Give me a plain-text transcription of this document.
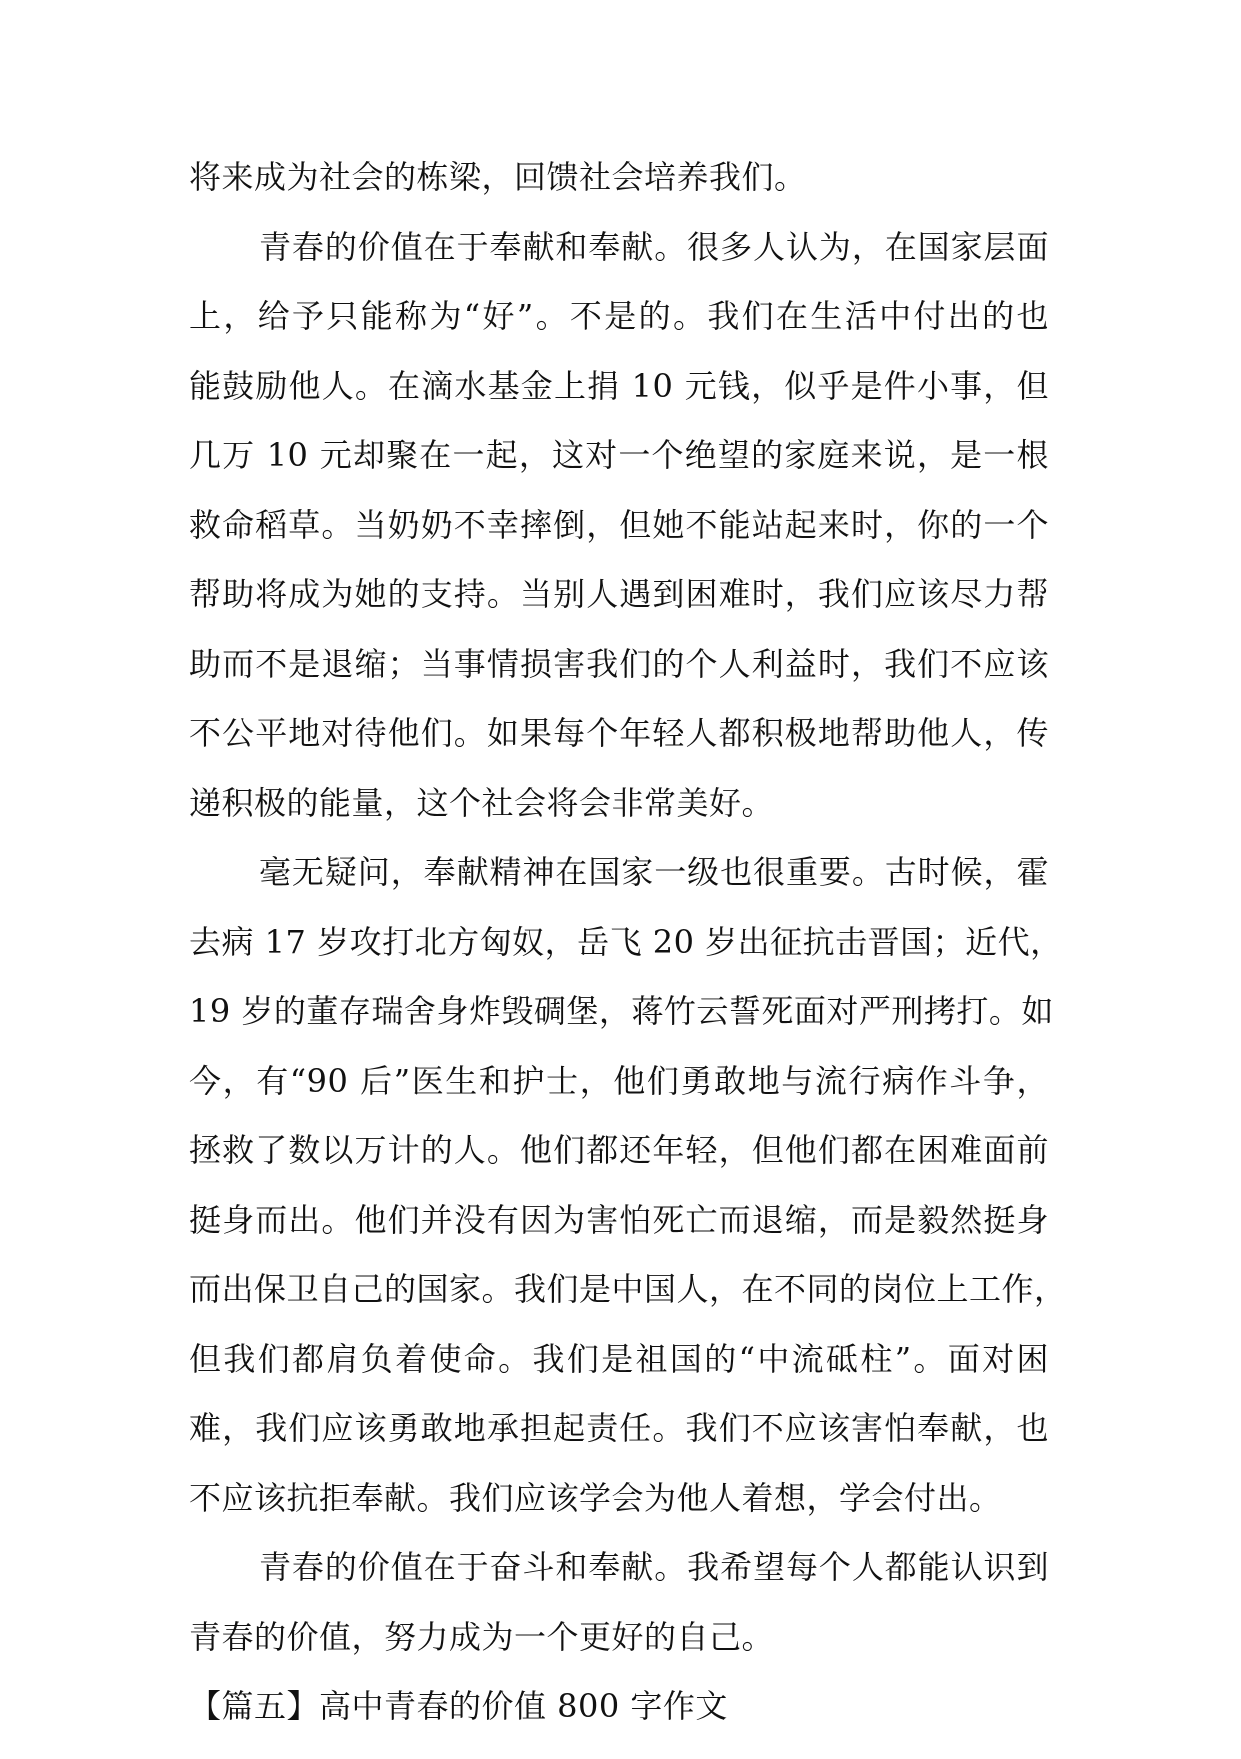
将来成为社会的栋梁，回馈社会培养我们。
青春的价值在于奉献和奉献。很多人认为，在国家层面
上，给予只能称为“好”。不是的。我们在生活中付出的也
能鼓励他人。在滴水基金上捐 10 元钱，似乎是件小事，但
几万 10 元却聚在一起，这对一个绝望的家庭来说，是一根
救命稻草。当奶奶不幸摔倒，但她不能站起来时，你的一个
帮助将成为她的支持。当别人遇到困难时，我们应该尽力帮
助而不是退缩；当事情损害我们的个人利益时，我们不应该
不公平地对待他们。如果每个年轻人都积极地帮助他人，传
递积极的能量，这个社会将会非常美好。
毫无疑问，奉献精神在国家一级也很重要。古时候，霍
去病 17 岁攻打北方匈奴，岳飞 20 岁出征抗击晋国；近代，
19 岁的董存瑞舍身炸毁碉堡，蒋竹云誓死面对严刑拷打。如
今，有“90 后”医生和护士，他们勇敢地与流行病作斗争，
拯救了数以万计的人。他们都还年轻，但他们都在困难面前
挺身而出。他们并没有因为害怕死亡而退缩，而是毅然挺身
而出保卫自己的国家。我们是中国人，在不同的岗位上工作，
但我们都肩负着使命。我们是祖国的“中流砥柱”。面对困
难，我们应该勇敢地承担起责任。我们不应该害怕奉献，也
不应该抗拒奉献。我们应该学会为他人着想，学会付出。
青春的价值在于奋斗和奉献。我希望每个人都能认识到
青春的价值，努力成为一个更好的自己。
【篇五】高中青春的价值 800 字作文
